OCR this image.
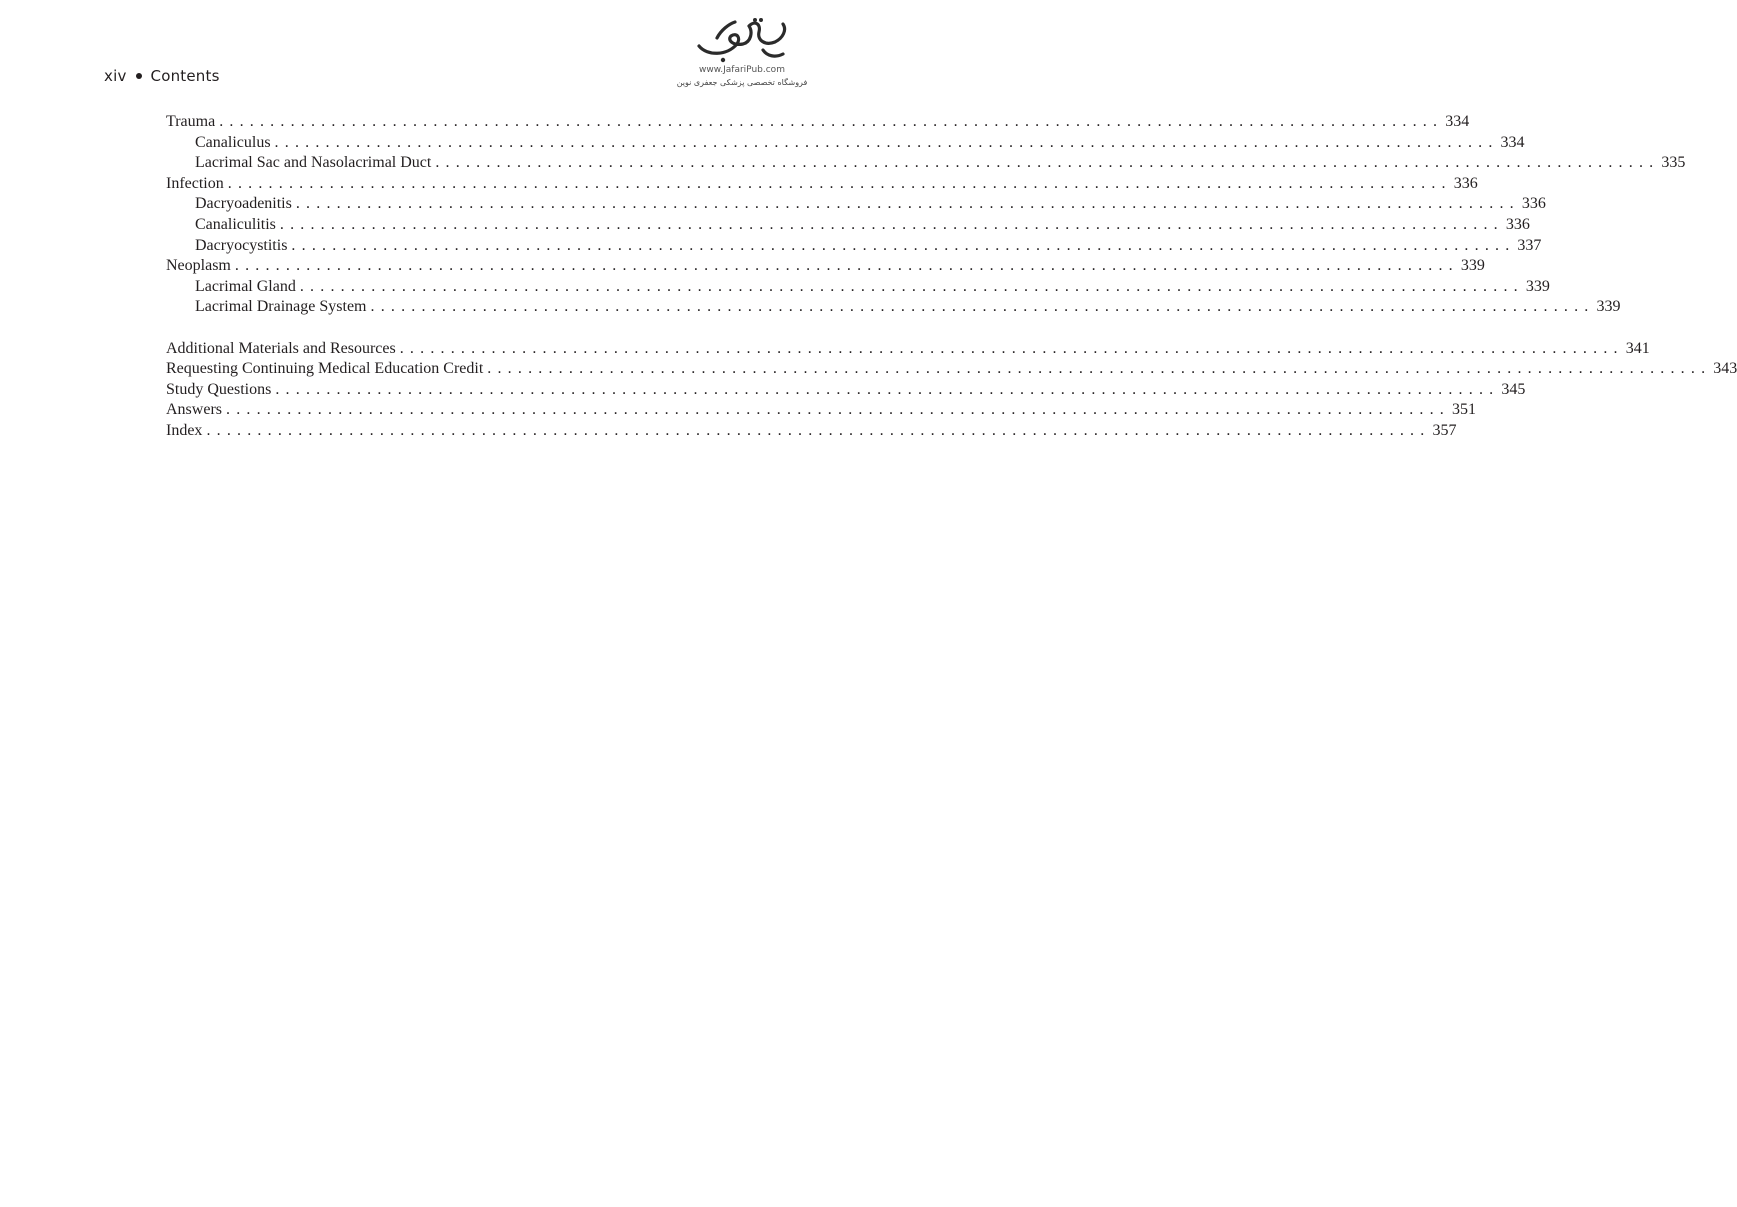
xiv Contents	www.JafariPub.com
فروشگاه تخصصی پزشکی جعفری نوین
Trauma ........................................................................................................................ 334
Canaliculus ........................................................................................................................ 334
Lacrimal Sac and Nasolacrimal Duct ........................................................................................................................ 335
Infection ........................................................................................................................ 336
Dacryoadenitis ........................................................................................................................ 336
Canaliculitis ........................................................................................................................ 336
Dacryocystitis ........................................................................................................................ 337
Neoplasm ........................................................................................................................ 339
Lacrimal Gland ........................................................................................................................ 339
Lacrimal Drainage System ........................................................................................................................ 339
Additional Materials and Resources ........................................................................................................................ 341
Requesting Continuing Medical Education Credit ........................................................................................................................ 343
Study Questions ........................................................................................................................ 345
Answers ........................................................................................................................ 351
Index ........................................................................................................................ 357
